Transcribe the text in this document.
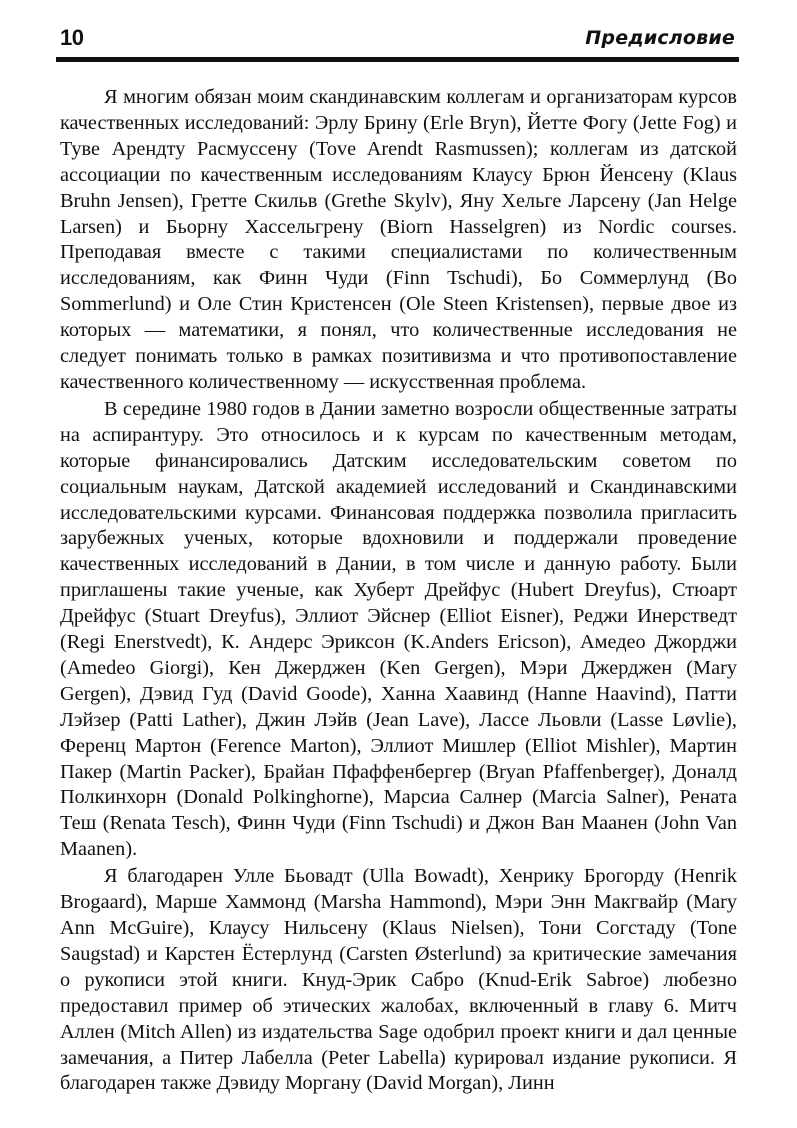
10	Предисловие

Я многим обязан моим скандинавским коллегам и организаторам курсов качественных исследований: Эрлу Брину (Erle Bryn), Йетте Фогу (Jette Fog) и Туве Арендту Расмуссену (Tove Arendt Rasmussen); коллегам из датской ассоциации по качественным исследованиям Клаусу Брюн Йенсену (Klaus Bruhn Jensen), Гретте Скильв (Grethe Skylv), Яну Хельге Ларсену (Jan Helge Larsen) и Бьорну Хассельгрену (Biorn Hasselgren) из Nordic courses. Преподавая вместе с такими специалистами по количественным исследованиям, как Финн Чуди (Finn Tschudi), Бо Соммерлунд (Bo Sommerlund) и Оле Стин Кристенсен (Ole Steen Kristensen), первые двое из которых — математики, я понял, что количественные исследования не следует понимать только в рамках позитивизма и что противопоставление качественного количественному — искусственная проблема.

В середине 1980 годов в Дании заметно возросли общественные затраты на аспирантуру. Это относилось и к курсам по качественным методам, которые финансировались Датским исследовательским советом по социальным наукам, Датской академией исследований и Скандинавскими исследовательскими курсами. Финансовая поддержка позволила пригласить зарубежных ученых, которые вдохновили и поддержали проведение качественных исследований в Дании, в том числе и данную работу. Были приглашены такие ученые, как Хуберт Дрейфус (Hubert Dreyfus), Стюарт Дрейфус (Stuart Dreyfus), Эллиот Эйснер (Elliot Eisner), Реджи Инерстведт (Regi Enerstvedt), К. Андерс Эриксон (K.Anders Ericson), Амедео Джорджи (Amedeo Giorgi), Кен Джерджен (Ken Gergen), Мэри Джерджен (Mary Gergen), Дэвид Гуд (David Goode), Ханна Хаавинд (Hanne Haavind), Патти Лэйзер (Patti Lather), Джин Лэйв (Jean Lave), Лассе Льовли (Lasse Løvlie), Ференц Мартон (Ference Marton), Эллиот Мишлер (Elliot Mishler), Мартин Пакер (Martin Packer), Брайан Пфаффенбергер (Bryan Pfaffenbergeŗ), Доналд Полкинхорн (Donald Polkinghorne), Марсиа Салнер (Marcia Salner), Рената Теш (Renata Tesch), Финн Чуди (Finn Tschudi) и Джон Ван Маанен (John Van Maanen).

Я благодарен Улле Бьовадт (Ulla Bowadt), Хенрику Брогорду (Henrik Brogaard), Марше Хаммонд (Marsha Hammond), Мэри Энн Макгвайр (Mary Ann McGuire), Клаусу Нильсену (Klaus Nielsen), Тони Согстаду (Tone Saugstad) и Карстен Ёстерлунд (Carsten Østerlund) за критические замечания о рукописи этой книги. Кнуд-Эрик Сабро (Knud-Erik Sabroe) любезно предоставил пример об этических жалобах, включенный в главу 6. Митч Аллен (Mitch Allen) из издательства Sage одобрил проект книги и дал ценные замечания, а Питер Лабелла (Peter Labella) курировал издание рукописи. Я благодарен также Дэвиду Моргану (David Morgan), Линн
